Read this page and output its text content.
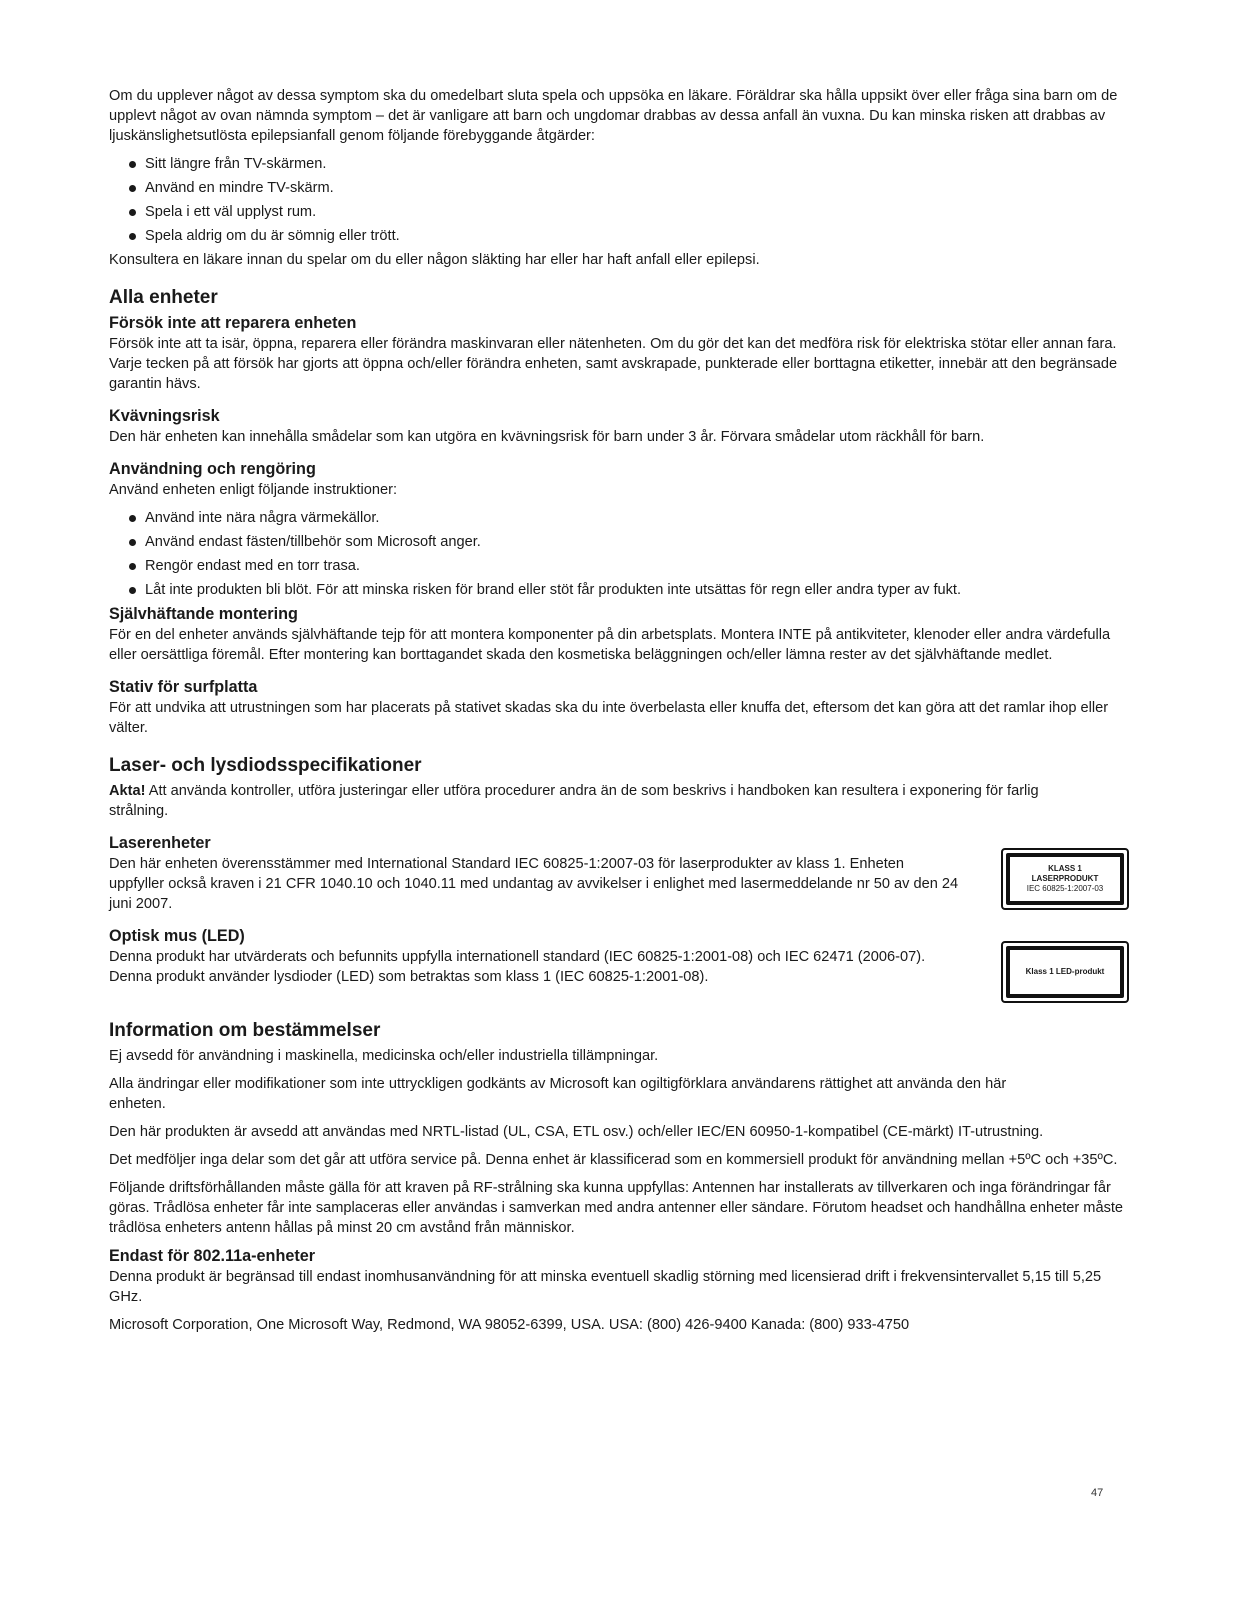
Om du upplever något av dessa symptom ska du omedelbart sluta spela och uppsöka en läkare. Föräldrar ska hålla uppsikt över eller fråga sina barn om de upplevt något av ovan nämnda symptom – det är vanligare att barn och ungdomar drabbas av dessa anfall än vuxna. Du kan minska risken att drabbas av ljuskänslighetsutlösta epilepsianfall genom följande förebyggande åtgärder:

Sitt längre från TV-skärmen.
Använd en mindre TV-skärm.
Spela i ett väl upplyst rum.
Spela aldrig om du är sömnig eller trött.

Konsultera en läkare innan du spelar om du eller någon släkting har eller har haft anfall eller epilepsi.

Alla enheter
Försök inte att reparera enheten

Försök inte att ta isär, öppna, reparera eller förändra maskinvaran eller nätenheten. Om du gör det kan det medföra risk för elektriska stötar eller annan fara. Varje tecken på att försök har gjorts att öppna och/eller förändra enheten, samt avskrapade, punkterade eller borttagna etiketter, innebär att den begränsade garantin hävs.

Kvävningsrisk

Den här enheten kan innehålla smådelar som kan utgöra en kvävningsrisk för barn under 3 år. Förvara smådelar utom räckhåll för barn.

Användning och rengöring

Använd enheten enligt följande instruktioner:

Använd inte nära några värmekällor.
Använd endast fästen/tillbehör som Microsoft anger.
Rengör endast med en torr trasa.
Låt inte produkten bli blöt. För att minska risken för brand eller stöt får produkten inte utsättas för regn eller andra typer av fukt.
Självhäftande montering

För en del enheter används självhäftande tejp för att montera komponenter på din arbetsplats. Montera INTE på antikviteter, klenoder eller andra värdefulla eller oersättliga föremål. Efter montering kan borttagandet skada den kosmetiska beläggningen och/eller lämna rester av det självhäftande medlet.

Stativ för surfplatta

För att undvika att utrustningen som har placerats på stativet skadas ska du inte överbelasta eller knuffa det, eftersom det kan göra att det ramlar ihop eller välter.

Laser- och lysdiodsspecifikationer

Akta! Att använda kontroller, utföra justeringar eller utföra procedurer andra än de som beskrivs i handboken kan resultera i exponering för farlig strålning.

Laserenheter

Den här enheten överensstämmer med International Standard IEC 60825-1:2007-03 för laserprodukter av klass 1. Enheten uppfyller också kraven i 21 CFR 1040.10 och 1040.11 med undantag av avvikelser i enlighet med lasermeddelande nr 50 av den 24 juni 2007.

KLASS 1
LASERPRODUKT
IEC 60825-1:2007-03
Optisk mus (LED)

Denna produkt har utvärderats och befunnits uppfylla internationell standard (IEC 60825-1:2001-08) och IEC 62471 (2006-07). Denna produkt använder lysdioder (LED) som betraktas som klass 1 (IEC 60825-1:2001-08).	Klass 1 LED-produkt
Information om bestämmelser

Ej avsedd för användning i maskinella, medicinska och/eller industriella tillämpningar.

Alla ändringar eller modifikationer som inte uttryckligen godkänts av Microsoft kan ogiltigförklara användarens rättighet att använda den här enheten.

Den här produkten är avsedd att användas med NRTL-listad (UL, CSA, ETL osv.) och/eller IEC/EN 60950-1-kompatibel (CE-märkt) IT-utrustning.

Det medföljer inga delar som det går att utföra service på. Denna enhet är klassificerad som en kommersiell produkt för användning mellan +5ºC och +35ºC.

Följande driftsförhållanden måste gälla för att kraven på RF-strålning ska kunna uppfyllas: Antennen har installerats av tillverkaren och inga förändringar får göras. Trådlösa enheter får inte samplaceras eller användas i samverkan med andra antenner eller sändare. Förutom headset och handhållna enheter måste trådlösa enheters antenn hållas på minst 20 cm avstånd från människor.

Endast för 802.11a-enheter

Denna produkt är begränsad till endast inomhusanvändning för att minska eventuell skadlig störning med licensierad drift i frekvensintervallet 5,15 till 5,25 GHz.

Microsoft Corporation, One Microsoft Way, Redmond, WA 98052-6399, USA. USA: (800) 426-9400 Kanada: (800) 933-4750

47
